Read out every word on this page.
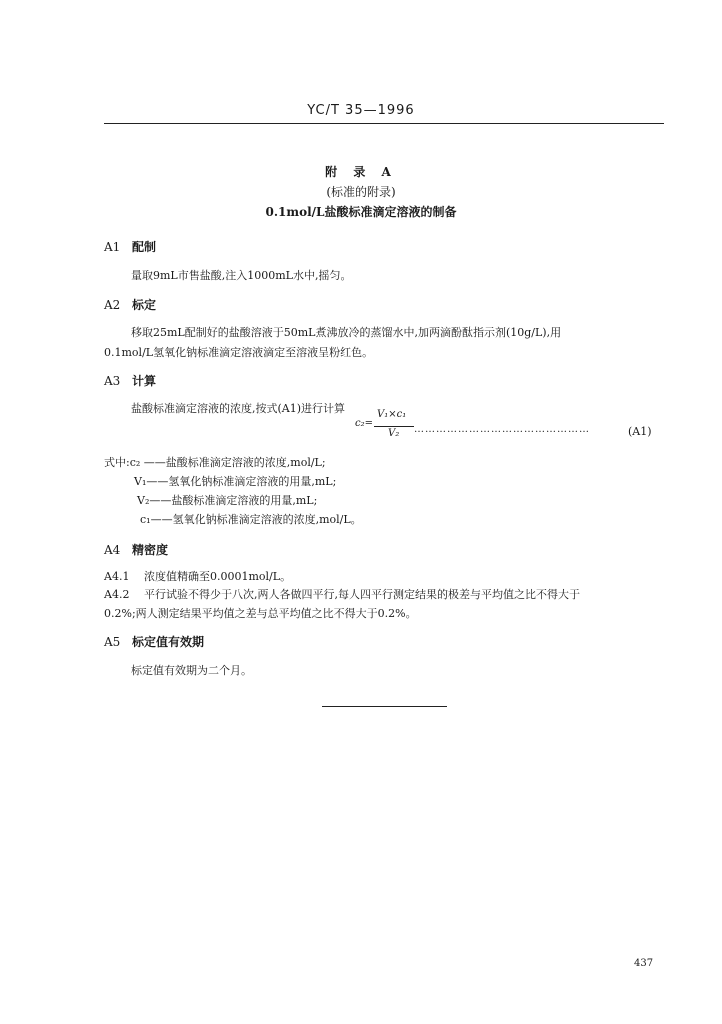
YC/T 35—1996
附 录 A
(标准的附录)
0.1mol/L盐酸标准滴定溶液的制备
A1 配制
量取9mL市售盐酸,注入1000mL水中,摇匀。
A2 标定
移取25mL配制好的盐酸溶液于50mL煮沸放冷的蒸馏水中,加两滴酚酞指示剂(10g/L),用
0.1mol/L氢氧化钠标准滴定溶液滴定至溶液呈粉红色。
A3 计算
盐酸标准滴定溶液的浓度,按式(A1)进行计算
c₂=
V₁×c₁
V₂ …………………………………………	(A1)
式中:c₂ ——盐酸标准滴定溶液的浓度,mol/L;
V₁——氢氧化钠标准滴定溶液的用量,mL;
V₂——盐酸标准滴定溶液的用量,mL;
c₁——氢氧化钠标准滴定溶液的浓度,mol/L。
A4 精密度
A4.1 浓度值精确至0.0001mol/L。
A4.2 平行试验不得少于八次,两人各做四平行,每人四平行测定结果的极差与平均值之比不得大于
0.2%;两人测定结果平均值之差与总平均值之比不得大于0.2%。
A5 标定值有效期
标定值有效期为二个月。
437
